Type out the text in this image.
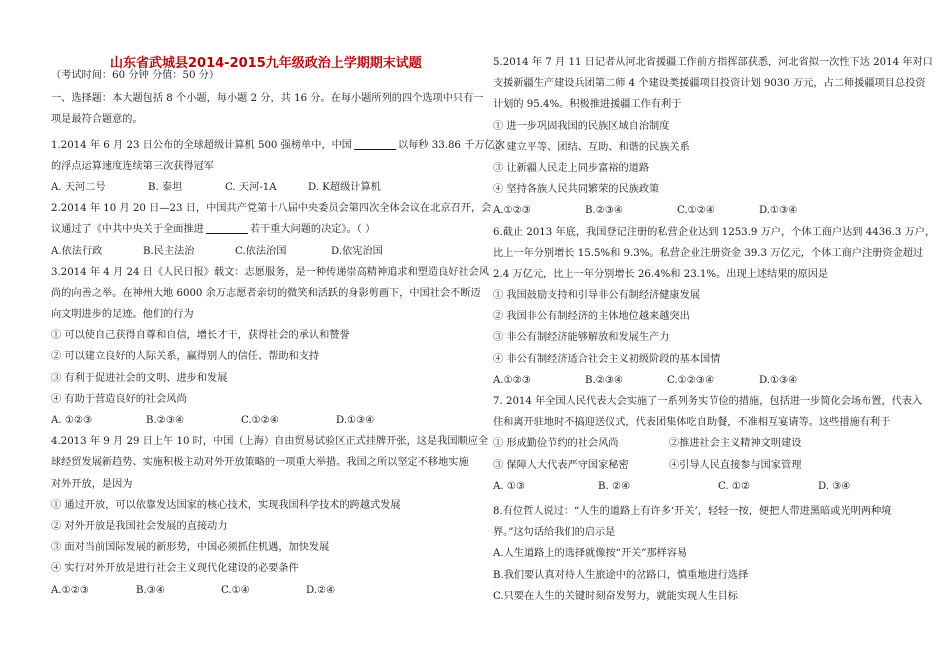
山东省武城县2014-2015九年级政治上学期期末试题
（考试时间：60 分钟 分值：50 分）
一、选择题：本大题包括 8 个小题，每小题 2 分，共 16 分。在每小题所列的四个选项中只有一
项是最符合题意的。
1.2014 年 6 月 23 日公布的全球超级计算机 500 强榜单中，中国	以每秒 33.86 千万亿次
的浮点运算速度连续第三次获得冠军
A. 天河二号	B. 泰坦	C. 天河-1A	D. K超级计算机
2.2014 年 10 月 20 日—23 日，中国共产党第十八届中央委员会第四次全体会议在北京召开，会
议通过了《中共中央关于全面推进	若干重大问题的决定》。（ ）
A.依法行政	B.民主法治	C.依法治国	D.依宪治国
3.2014 年 4 月 24 日《人民日报》载文：志愿服务，是一种传递崇高精神追求和塑造良好社会风
尚的向善之举。在神州大地 6000 余万志愿者亲切的微笑和活跃的身影剪画下，中国社会不断迈
向文明进步的足迹。他们的行为
① 可以使自己获得自尊和自信，增长才干，获得社会的承认和赞誉
② 可以建立良好的人际关系，赢得别人的信任、帮助和支持
③ 有利于促进社会的文明、进步和发展
④ 有助于营造良好的社会风尚
A. ①②③	B.②③④	C.①②④	D.①③④
4.2013 年 9 月 29 日上午 10 时，中国（上海）自由贸易试验区正式挂牌开张，这是我国顺应全
球经贸发展新趋势、实施积极主动对外开放策略的一项重大举措。我国之所以坚定不移地实施
对外开放，是因为
① 通过开放，可以依靠发达国家的核心技术，实现我国科学技术的跨越式发展
② 对外开放是我国社会发展的直接动力
③ 面对当前国际发展的新形势，中国必须抓住机遇，加快发展
④ 实行对外开放是进行社会主义现代化建设的必要条件
A.①②③	B.③④	C.①④	D.②④
5.2014 年 7 月 11 日记者从河北省援疆工作前方指挥部获悉，河北省拟一次性下达 2014 年对口
支援新疆生产建设兵团第二师 4 个建设类援疆项目投资计划 9030 万元，占二师援疆项目总投资
计划的 95.4%。积极推进援疆工作有利于
① 进一步巩固我国的民族区域自治制度
② 建立平等、团结、互助、和谐的民族关系
③ 让新疆人民走上同步富裕的道路
④ 坚持各族人民共同繁荣的民族政策
A.①②③	B.②③④	C.①②④	D.①③④
6.截止 2013 年底，我国登记注册的私营企业达到 1253.9 万户，个体工商户达到 4436.3 万户，
比上一年分别增长 15.5%和 9.3%。私营企业注册资金 39.3 万亿元，个体工商户注册资金超过
2.4 万亿元，比上一年分别增长 26.4%和 23.1%。出现上述结果的原因是
① 我国鼓励支持和引导非公有制经济健康发展
② 我国非公有制经济的主体地位越来越突出
③ 非公有制经济能够解放和发展生产力
④ 非公有制经济适合社会主义初级阶段的基本国情
A.①②③	B.②③④	C.①②③④	D.①③④
7. 2014 年全国人民代表大会实施了一系列务实节俭的措施，包括进一步简化会场布置，代表入
住和离开驻地时不搞迎送仪式，代表团集体吃自助餐，不准相互宴请等。这些措施有利于
① 形成勤俭节约的社会风尚	②推进社会主义精神文明建设
③ 保障人大代表严守国家秘密	④引导人民直接参与国家管理
A. ①③	B. ②④	C. ①②	D. ③④
8.有位哲人说过：“人生的道路上有许多‘开关’，轻轻一按，便把人带进黑暗或光明两种境
界。”这句话给我们的启示是
A.人生道路上的选择就像按“开关”那样容易
B.我们要认真对待人生旅途中的岔路口，慎重地进行选择
C.只要在人生的关键时刻奋发努力，就能实现人生目标
